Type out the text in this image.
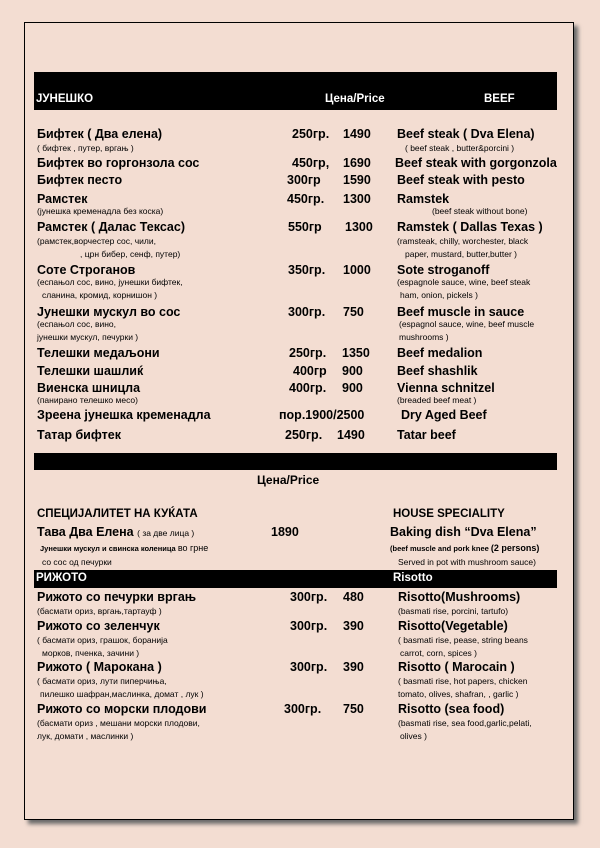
ЈУНЕШКО	Цена/Price	BEEF
Бифтек ( Два елена)	250гр. 1490 Beef steak ( Dva Elena)
( бифтек , путер, вргањ )	( beef steak , butter&porcini )
Бифтек во горгонзола сос	450гр, 1690 Beef steak with gorgonzola
Бифтек песто	300гр 1590 Beef steak with pesto
Рамстек	450гр. 1300 Ramstek
(јунешка кременадла без коска)	(beef steak without bone)
Рамстек ( Далас Тексас)	550гр 1300 Ramstek ( Dallas Texas )
(рамстек,ворчестер сос, чили,
, црн бибер, сенф, путер)
(ramsteak, chilly, worchester, black
paper, mustard, butter,butter )
Соте Строганов	350гр. 1000 Sote stroganoff
(еспањол сос, вино, јунешки бифтек,
сланина, кромид, корнишон )
(espagnole sauce, wine, beef steak
ham, onion, pickels )
Јунешки мускул во сос	300гр. 750	Beef muscle in sauce
(еспањол сос, вино,
јунешки мускул, печурки )
(espagnol sauce, wine, beef muscle
mushrooms )
Телешки медаљони	250гр. 1350 Beef medalion
Телешки шашлиќ	400гр 900	Beef shashlik
Виенска шницла	400гр. 900	Vienna schnitzel
(панирано телешко месо)	(breaded beef meat )
Зреена јунешка кременадла	пор.1900/2500	Dry Aged Beef
Татар бифтек	250гр. 1490	Tatar beef
Цена/Price
СПЕЦИЈАЛИТЕТ НА КУЌАТА	HOUSE SPECIALITY
Тава Два Елена ( за две лица )	1890	Baking dish “Dva Elena”
Јунешки мускул и свинска коленица во грне
со сос од печурки
(beef muscle and pork knee (2 persons)
Served in pot with mushroom sauce)
РИЖОТО	Risotto
Рижото со печурки вргањ	300гр. 480	Risotto(Mushrooms)
(басмати ориз, вргањ,тартауф )	(basmati rise, porcini, tartufo)
Рижото со зеленчук	300гр. 390	Risotto(Vegetable)
( басмати ориз, грашок, боранија
морков, пченка, зачини )
( basmati rise, pease, string beans
carrot, corn, spices )
Рижото ( Марокана )	300гр. 390	Risotto ( Marocain )
( басмати ориз, лути пиперчиња,
пилешко шафран,маслинка, домат , лук )
( basmati rise, hot papers, chicken
tomato, olives, shafran, , garlic )
Рижото со морски плодови	300гр. 750	Risotto (sea food)
(басмати ориз , мешани морски плодови,
лук, домати , маслинки )
(basmati rise, sea food,garlic,pelati,
olives )
